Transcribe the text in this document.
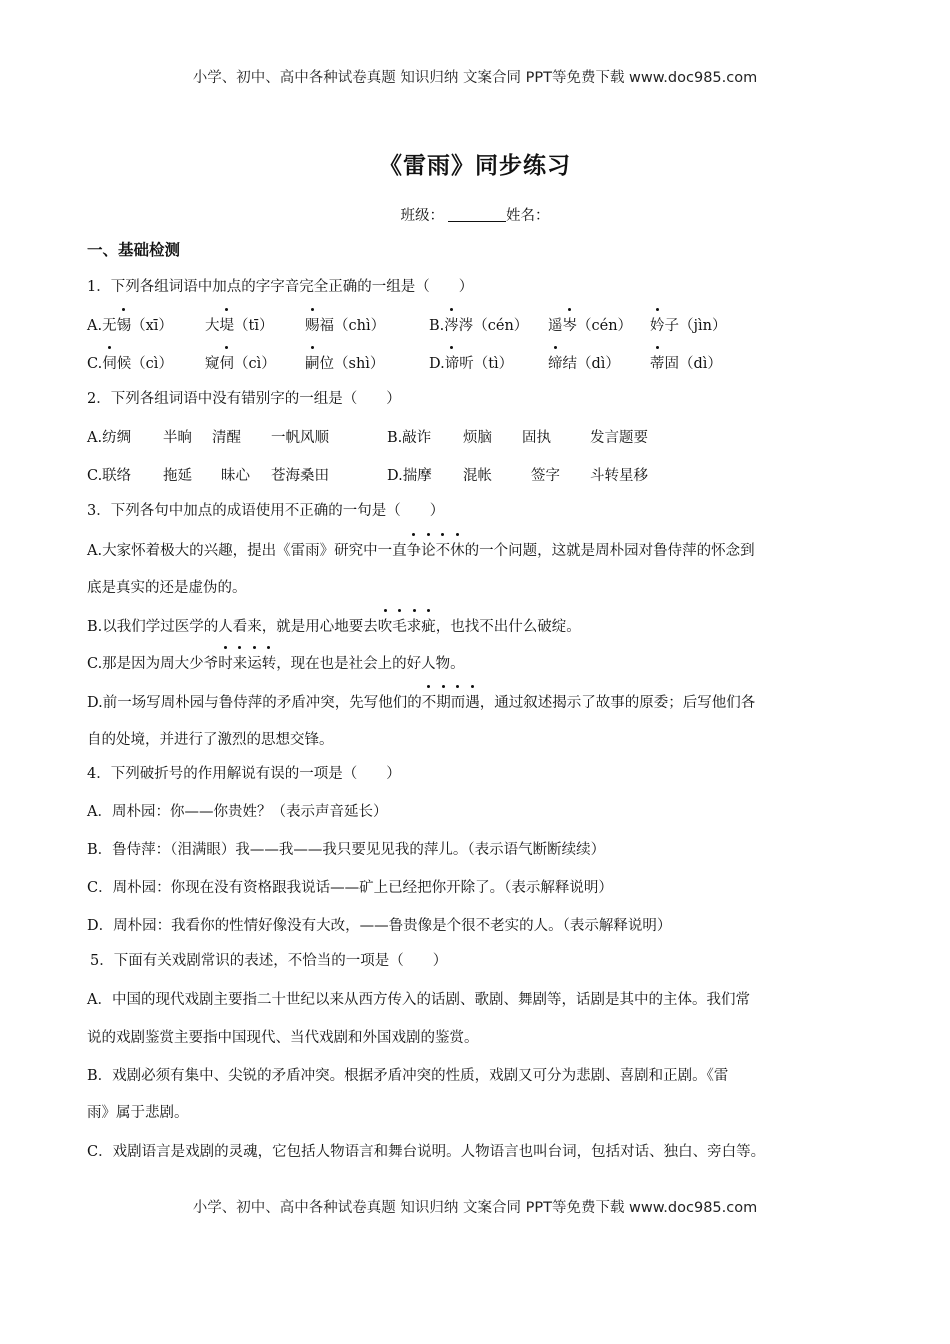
小学、初中、高中各种试卷真题 知识归纳 文案合同 PPT等免费下载 www.doc985.com
《雷雨》同步练习
班级：	姓名：
一、基础检测
1．下列各组词语中加点的字字音完全正确的一组是（　　）
A.无锡（xī） 大堤（tī） 赐福（chì）	B.涔涔（cén） 遥岑（cén） 妗子（jìn）
C.伺候（cì） 窥伺（cì） 嗣位（shì）	D.谛听（tì） 缔结（dì） 蒂固（dì）
2．下列各组词语中没有错别字的一组是（　　）
A.纺绸 半晌 清醒 一帆风顺	B.敲诈 烦脑 固执	发言题要
C.联络 拖延 昧心 苍海桑田	D.揣摩 混帐	签字 斗转星移
3．下列各句中加点的成语使用不正确的一句是（　　）
A.大家怀着极大的兴趣，提出《雷雨》研究中一直争论不休的一个问题，这就是周朴园对鲁侍萍的怀念到
底是真实的还是虚伪的。
B.以我们学过医学的人看来，就是用心地要去吹毛求疵，也找不出什么破绽。
C.那是因为周大少爷时来运转，现在也是社会上的好人物。
D.前一场写周朴园与鲁侍萍的矛盾冲突，先写他们的不期而遇，通过叙述揭示了故事的原委；后写他们各
自的处境，并进行了激烈的思想交锋。
4．下列破折号的作用解说有误的一项是（　　）
A．周朴园：你——你贵姓？（表示声音延长）
B．鲁侍萍：（泪满眼）我——我——我只要见见我的萍儿。（表示语气断断续续）
C．周朴园：你现在没有资格跟我说话——矿上已经把你开除了。（表示解释说明）
D．周朴园：我看你的性情好像没有大改，——鲁贵像是个很不老实的人。（表示解释说明）
5．下面有关戏剧常识的表述，不恰当的一项是（　　）
A．中国的现代戏剧主要指二十世纪以来从西方传入的话剧、歌剧、舞剧等，话剧是其中的主体。我们常
说的戏剧鉴赏主要指中国现代、当代戏剧和外国戏剧的鉴赏。
B．戏剧必须有集中、尖锐的矛盾冲突。根据矛盾冲突的性质，戏剧又可分为悲剧、喜剧和正剧。《雷
雨》属于悲剧。
C．戏剧语言是戏剧的灵魂，它包括人物语言和舞台说明。人物语言也叫台词，包括对话、独白、旁白等。
小学、初中、高中各种试卷真题 知识归纳 文案合同 PPT等免费下载 www.doc985.com
